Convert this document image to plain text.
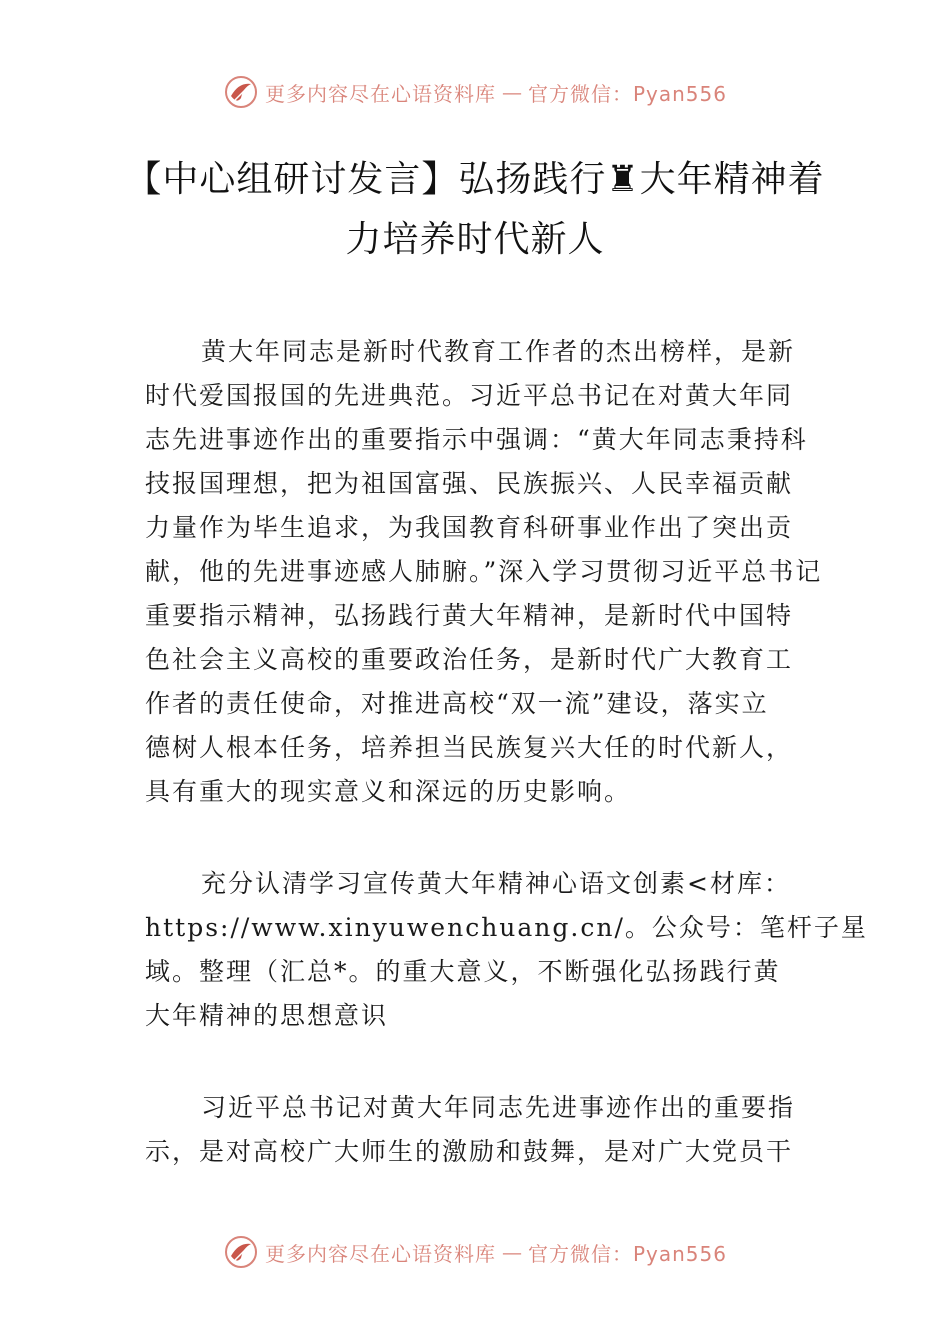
更多内容尽在心语资料库 — 官方微信：Pyan556
【中心组研讨发言】弘扬践行♜大年精神着
力培养时代新人
黄大年同志是新时代教育工作者的杰出榜样，是新
时代爱国报国的先进典范。习近平总书记在对黄大年同
志先进事迹作出的重要指示中强调：“黄大年同志秉持科
技报国理想，把为祖国富强、民族振兴、人民幸福贡献
力量作为毕生追求，为我国教育科研事业作出了突出贡
献，他的先进事迹感人肺腑。”深入学习贯彻习近平总书记
重要指示精神，弘扬践行黄大年精神，是新时代中国特
色社会主义高校的重要政治任务，是新时代广大教育工
作者的责任使命，对推进高校“双一流”建设，落实立
德树人根本任务，培养担当民族复兴大任的时代新人，
具有重大的现实意义和深远的历史影响。
充分认清学习宣传黄大年精神心语文创素<材库：
https://www.xinyuwenchuang.cn/。公众号：笔杆子星
域。整理（汇总*。的重大意义，不断强化弘扬践行黄
大年精神的思想意识
习近平总书记对黄大年同志先进事迹作出的重要指
示，是对高校广大师生的激励和鼓舞，是对广大党员干
更多内容尽在心语资料库 — 官方微信：Pyan556
